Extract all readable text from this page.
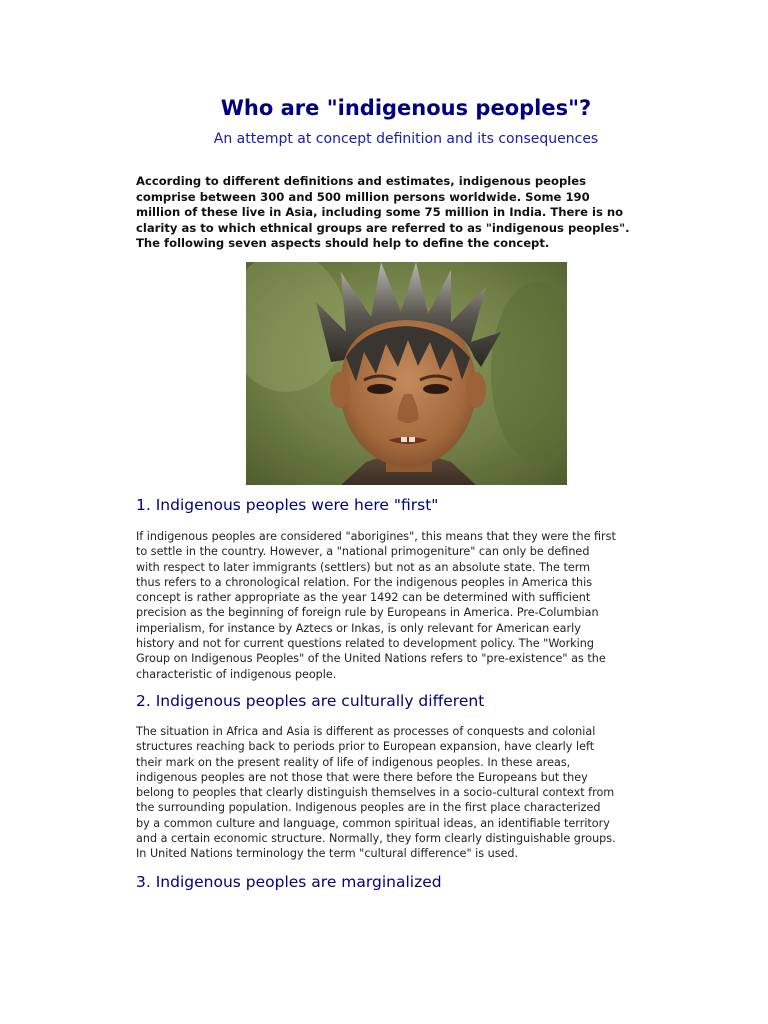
Who are "indigenous peoples"?
An attempt at concept definition and its consequences
According to different definitions and estimates, indigenous peoples
comprise between 300 and 500 million persons worldwide. Some 190
million of these live in Asia, including some 75 million in India. There is no
clarity as to which ethnical groups are referred to as "indigenous peoples".
The following seven aspects should help to define the concept.
1. Indigenous peoples were here "first"
If indigenous peoples are considered "aborigines", this means that they were the first
to settle in the country. However, a "national primogeniture" can only be defined
with respect to later immigrants (settlers) but not as an absolute state. The term
thus refers to a chronological relation. For the indigenous peoples in America this
concept is rather appropriate as the year 1492 can be determined with sufficient
precision as the beginning of foreign rule by Europeans in America. Pre-Columbian
imperialism, for instance by Aztecs or Inkas, is only relevant for American early
history and not for current questions related to development policy. The "Working
Group on Indigenous Peoples" of the United Nations refers to "pre-existence" as the
characteristic of indigenous people.
2. Indigenous peoples are culturally different
The situation in Africa and Asia is different as processes of conquests and colonial
structures reaching back to periods prior to European expansion, have clearly left
their mark on the present reality of life of indigenous peoples. In these areas,
indigenous peoples are not those that were there before the Europeans but they
belong to peoples that clearly distinguish themselves in a socio-cultural context from
the surrounding population. Indigenous peoples are in the first place characterized
by a common culture and language, common spiritual ideas, an identifiable territory
and a certain economic structure. Normally, they form clearly distinguishable groups.
In United Nations terminology the term "cultural difference" is used.
3. Indigenous peoples are marginalized
